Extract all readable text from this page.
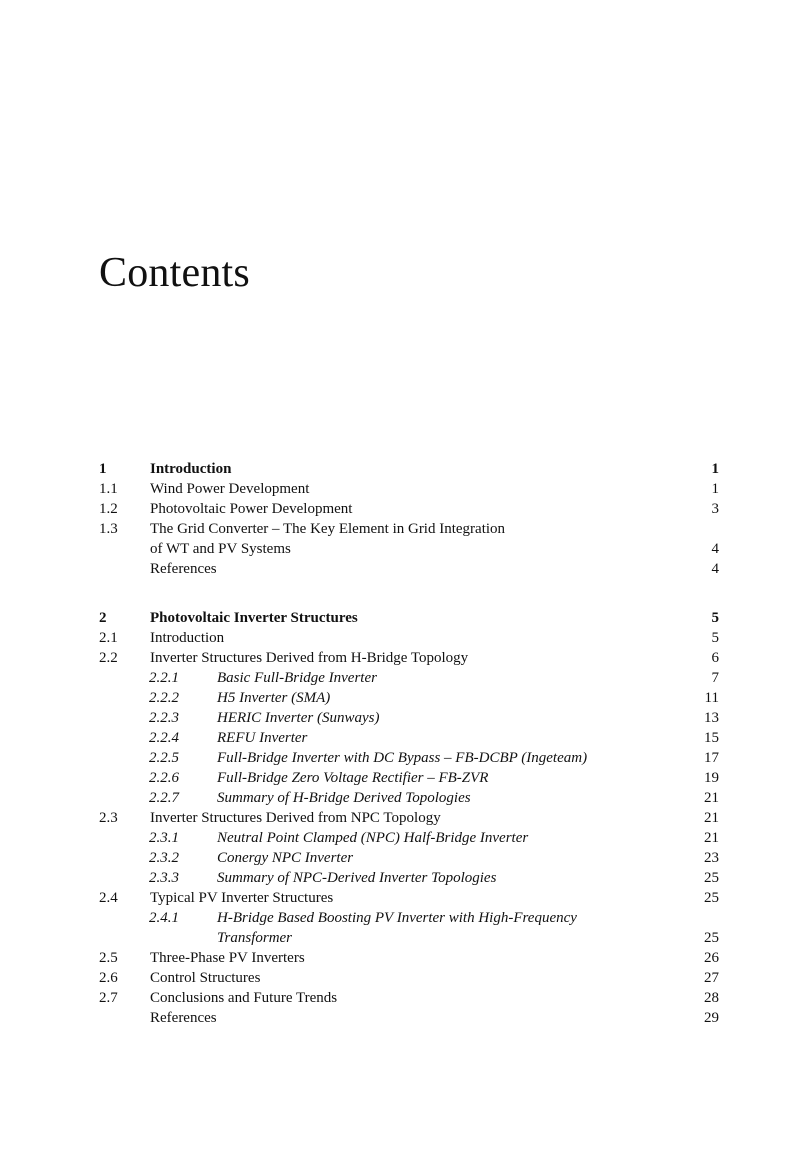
Contents
1	Introduction	1
1.1 Wind Power Development	1
1.2 Photovoltaic Power Development	3
1.3 The Grid Converter – The Key Element in Grid Integration
of WT and PV Systems	4
References	4
2	Photovoltaic Inverter Structures	5
2.1 Introduction	5
2.2 Inverter Structures Derived from H-Bridge Topology	6
2.2.1	Basic Full-Bridge Inverter	7
2.2.2	H5 Inverter (SMA)	11
2.2.3	HERIC Inverter (Sunways)	13
2.2.4	REFU Inverter	15
2.2.5	Full-Bridge Inverter with DC Bypass – FB-DCBP (Ingeteam)	17
2.2.6	Full-Bridge Zero Voltage Rectifier – FB-ZVR	19
2.2.7	Summary of H-Bridge Derived Topologies	21
2.3 Inverter Structures Derived from NPC Topology	21
2.3.1	Neutral Point Clamped (NPC) Half-Bridge Inverter	21
2.3.2	Conergy NPC Inverter	23
2.3.3	Summary of NPC-Derived Inverter Topologies	25
2.4 Typical PV Inverter Structures	25
2.4.1	H-Bridge Based Boosting PV Inverter with High-Frequency
Transformer	25
2.5 Three-Phase PV Inverters	26
2.6 Control Structures	27
2.7 Conclusions and Future Trends	28
References	29
